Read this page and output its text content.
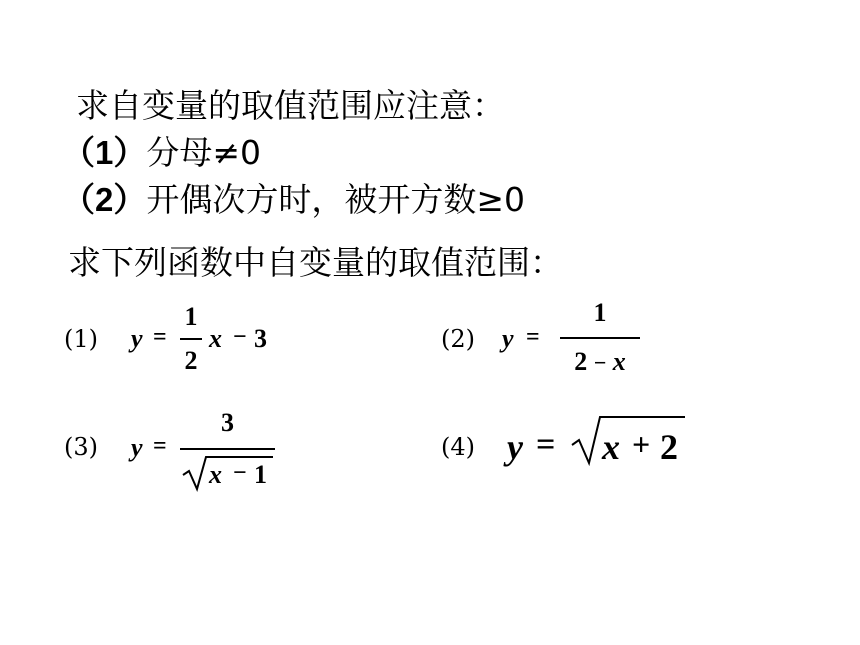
求自变量的取值范围应注意：
（1）分母≠0
（2）开偶次方时，被开方数≥0
求下列函数中自变量的取值范围：
(1) y =
1
2
x − 3	(2) y =
1
2 − x
(3) y =
3
x − 1
(4) y = x + 2
